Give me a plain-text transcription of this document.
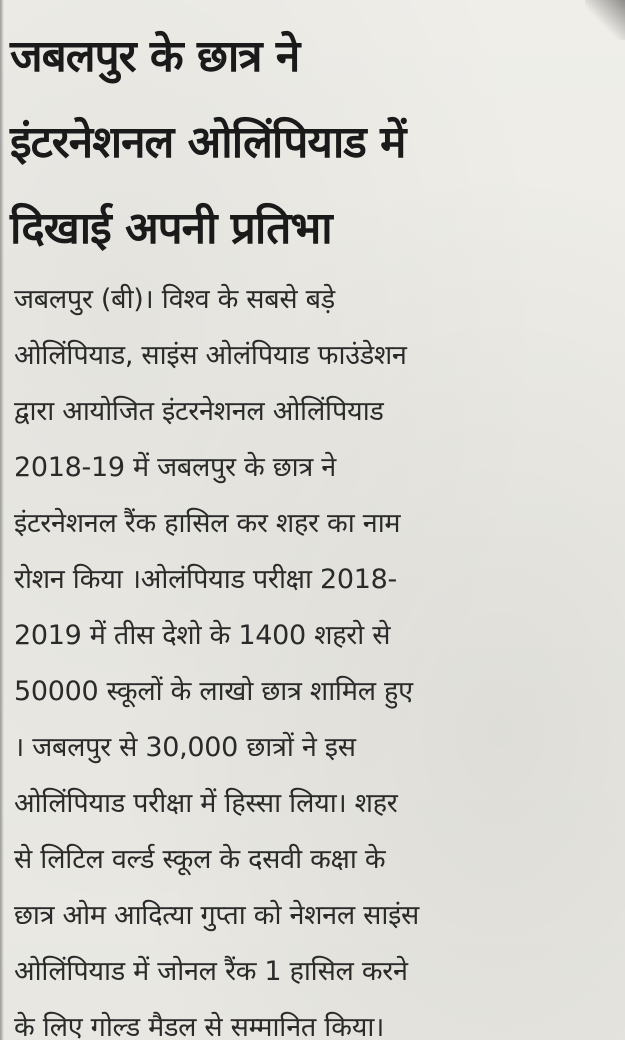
जबलपुर के छात्र ने
इंटरनेशनल ओलिंपियाड में
दिखाई अपनी प्रतिभा
जबलपुर (बी)। विश्व के सबसे बड़े
ओलिंपियाड, साइंस ओलंपियाड फाउंडेशन
द्वारा आयोजित इंटरनेशनल ओलिंपियाड
2018-19 में जबलपुर के छात्र ने
इंटरनेशनल रैंक हासिल कर शहर का नाम
रोशन किया ।ओलंपियाड परीक्षा 2018-
2019 में तीस देशो के 1400 शहरो से
50000 स्कूलों के लाखो छात्र शामिल हुए
। जबलपुर से 30,000 छात्रों ने इस
ओलिंपियाड परीक्षा में हिस्सा लिया। शहर
से लिटिल वर्ल्ड स्कूल के दसवी कक्षा के
छात्र ओम आदित्या गुप्ता को नेशनल साइंस
ओलिंपियाड में जोनल रैंक 1 हासिल करने
के लिए गोल्ड मैडल से सम्मानित किया।
